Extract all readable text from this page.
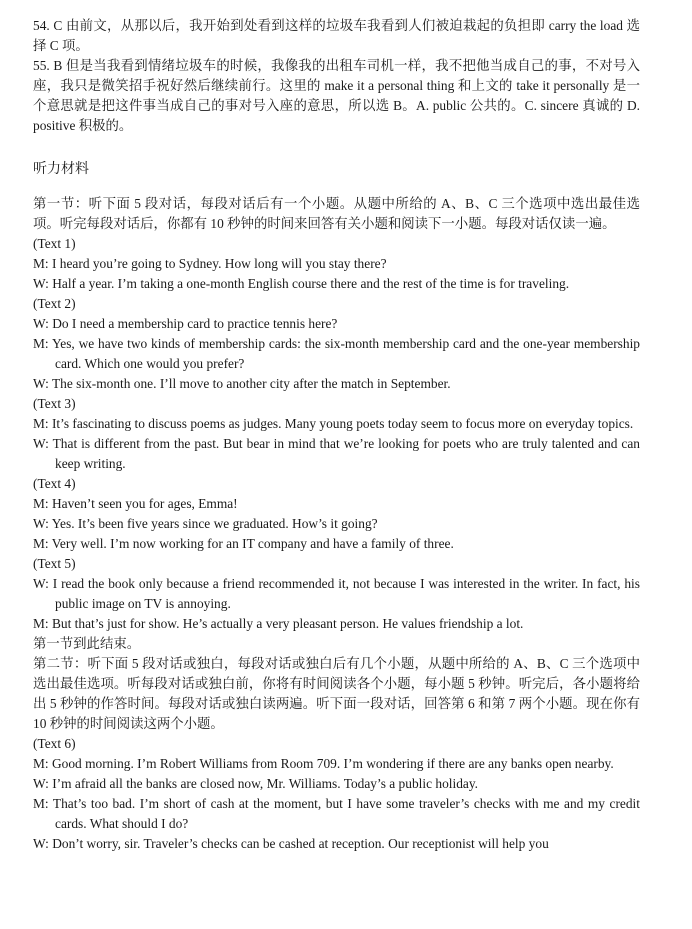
54. C 由前文，从那以后，我开始到处看到这样的垃圾车我看到人们被迫栽起的负担即 carry the load 选择 C 项。

55. B 但是当我看到情绪垃圾车的时候，我像我的出租车司机一样，我不把他当成自己的事，不对号入座，我只是微笑招手祝好然后继续前行。这里的 make it a personal thing 和上文的 take it personally 是一个意思就是把这件事当成自己的事对号入座的意思，所以选 B。A. public 公共的。C. sincere 真诚的 D. positive 积极的。

听力材料

第一节：听下面 5 段对话，每段对话后有一个小题。从题中所给的 A、B、C 三个选项中选出最佳选项。听完每段对话后，你都有 10 秒钟的时间来回答有关小题和阅读下一小题。每段对话仅读一遍。

(Text 1)

M: I heard you’re going to Sydney. How long will you stay there?

W: Half a year. I’m taking a one-month English course there and the rest of the time is for traveling.

(Text 2)

W: Do I need a membership card to practice tennis here?

M: Yes, we have two kinds of membership cards: the six-month membership card and the one-year membership card. Which one would you prefer?

W: The six-month one. I’ll move to another city after the match in September.

(Text 3)

M: It’s fascinating to discuss poems as judges. Many young poets today seem to focus more on everyday topics.

W: That is different from the past. But bear in mind that we’re looking for poets who are truly talented and can keep writing.

(Text 4)

M: Haven’t seen you for ages, Emma!

W: Yes. It’s been five years since we graduated. How’s it going?

M: Very well. I’m now working for an IT company and have a family of three.

(Text 5)

W: I read the book only because a friend recommended it, not because I was interested in the writer. In fact, his public image on TV is annoying.

M: But that’s just for show. He’s actually a very pleasant person. He values friendship a lot.

第一节到此结束。

第二节：听下面 5 段对话或独白，每段对话或独白后有几个小题，从题中所给的 A、B、C 三个选项中选出最佳选项。听每段对话或独白前，你将有时间阅读各个小题，每小题 5 秒钟。听完后，各小题将给出 5 秒钟的作答时间。每段对话或独白读两遍。听下面一段对话，回答第 6 和第 7 两个小题。现在你有 10 秒钟的时间阅读这两个小题。

(Text 6)

M: Good morning. I’m Robert Williams from Room 709. I’m wondering if there are any banks open nearby.

W: I’m afraid all the banks are closed now, Mr. Williams. Today’s a public holiday.

M: That’s too bad. I’m short of cash at the moment, but I have some traveler’s checks with me and my credit cards. What should I do?

W: Don’t worry, sir. Traveler’s checks can be cashed at reception. Our receptionist will help you
